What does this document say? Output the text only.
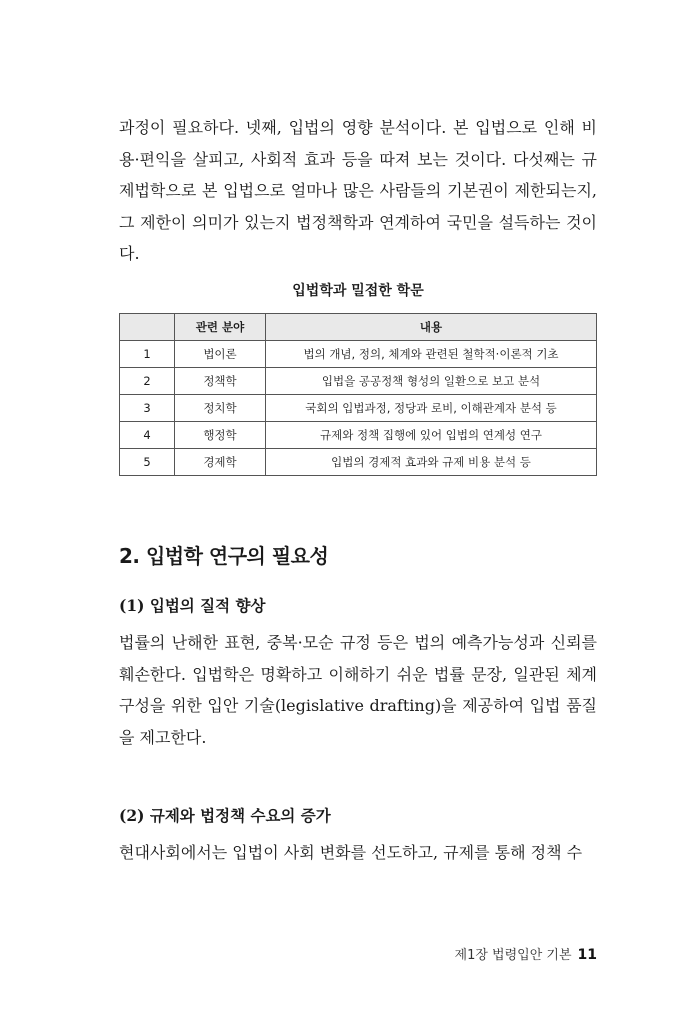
과정이 필요하다. 넷째, 입법의 영향 분석이다. 본 입법으로 인해 비용·편익을 살피고, 사회적 효과 등을 따져 보는 것이다. 다섯째는 규제법학으로 본 입법으로 얼마나 많은 사람들의 기본권이 제한되는지, 그 제한이 의미가 있는지 법정책학과 연계하여 국민을 설득하는 것이다.

입법학과 밀접한 학문

	관련 분야	내용
1	법이론	법의 개념, 정의, 체계와 관련된 철학적·이론적 기초
2	정책학	입법을 공공정책 형성의 일환으로 보고 분석
3	정치학	국회의 입법과정, 정당과 로비, 이해관계자 분석 등
4	행정학	규제와 정책 집행에 있어 입법의 연계성 연구
5	경제학	입법의 경제적 효과와 규제 비용 분석 등
2. 입법학 연구의 필요성
(1) 입법의 질적 향상

법률의 난해한 표현, 중복·모순 규정 등은 법의 예측가능성과 신뢰를 훼손한다. 입법학은 명확하고 이해하기 쉬운 법률 문장, 일관된 체계 구성을 위한 입안 기술(legislative drafting)을 제공하여 입법 품질을 제고한다.

(2) 규제와 법정책 수요의 증가

현대사회에서는 입법이 사회 변화를 선도하고, 규제를 통해 정책 수

제1장 법령입안 기본 11
